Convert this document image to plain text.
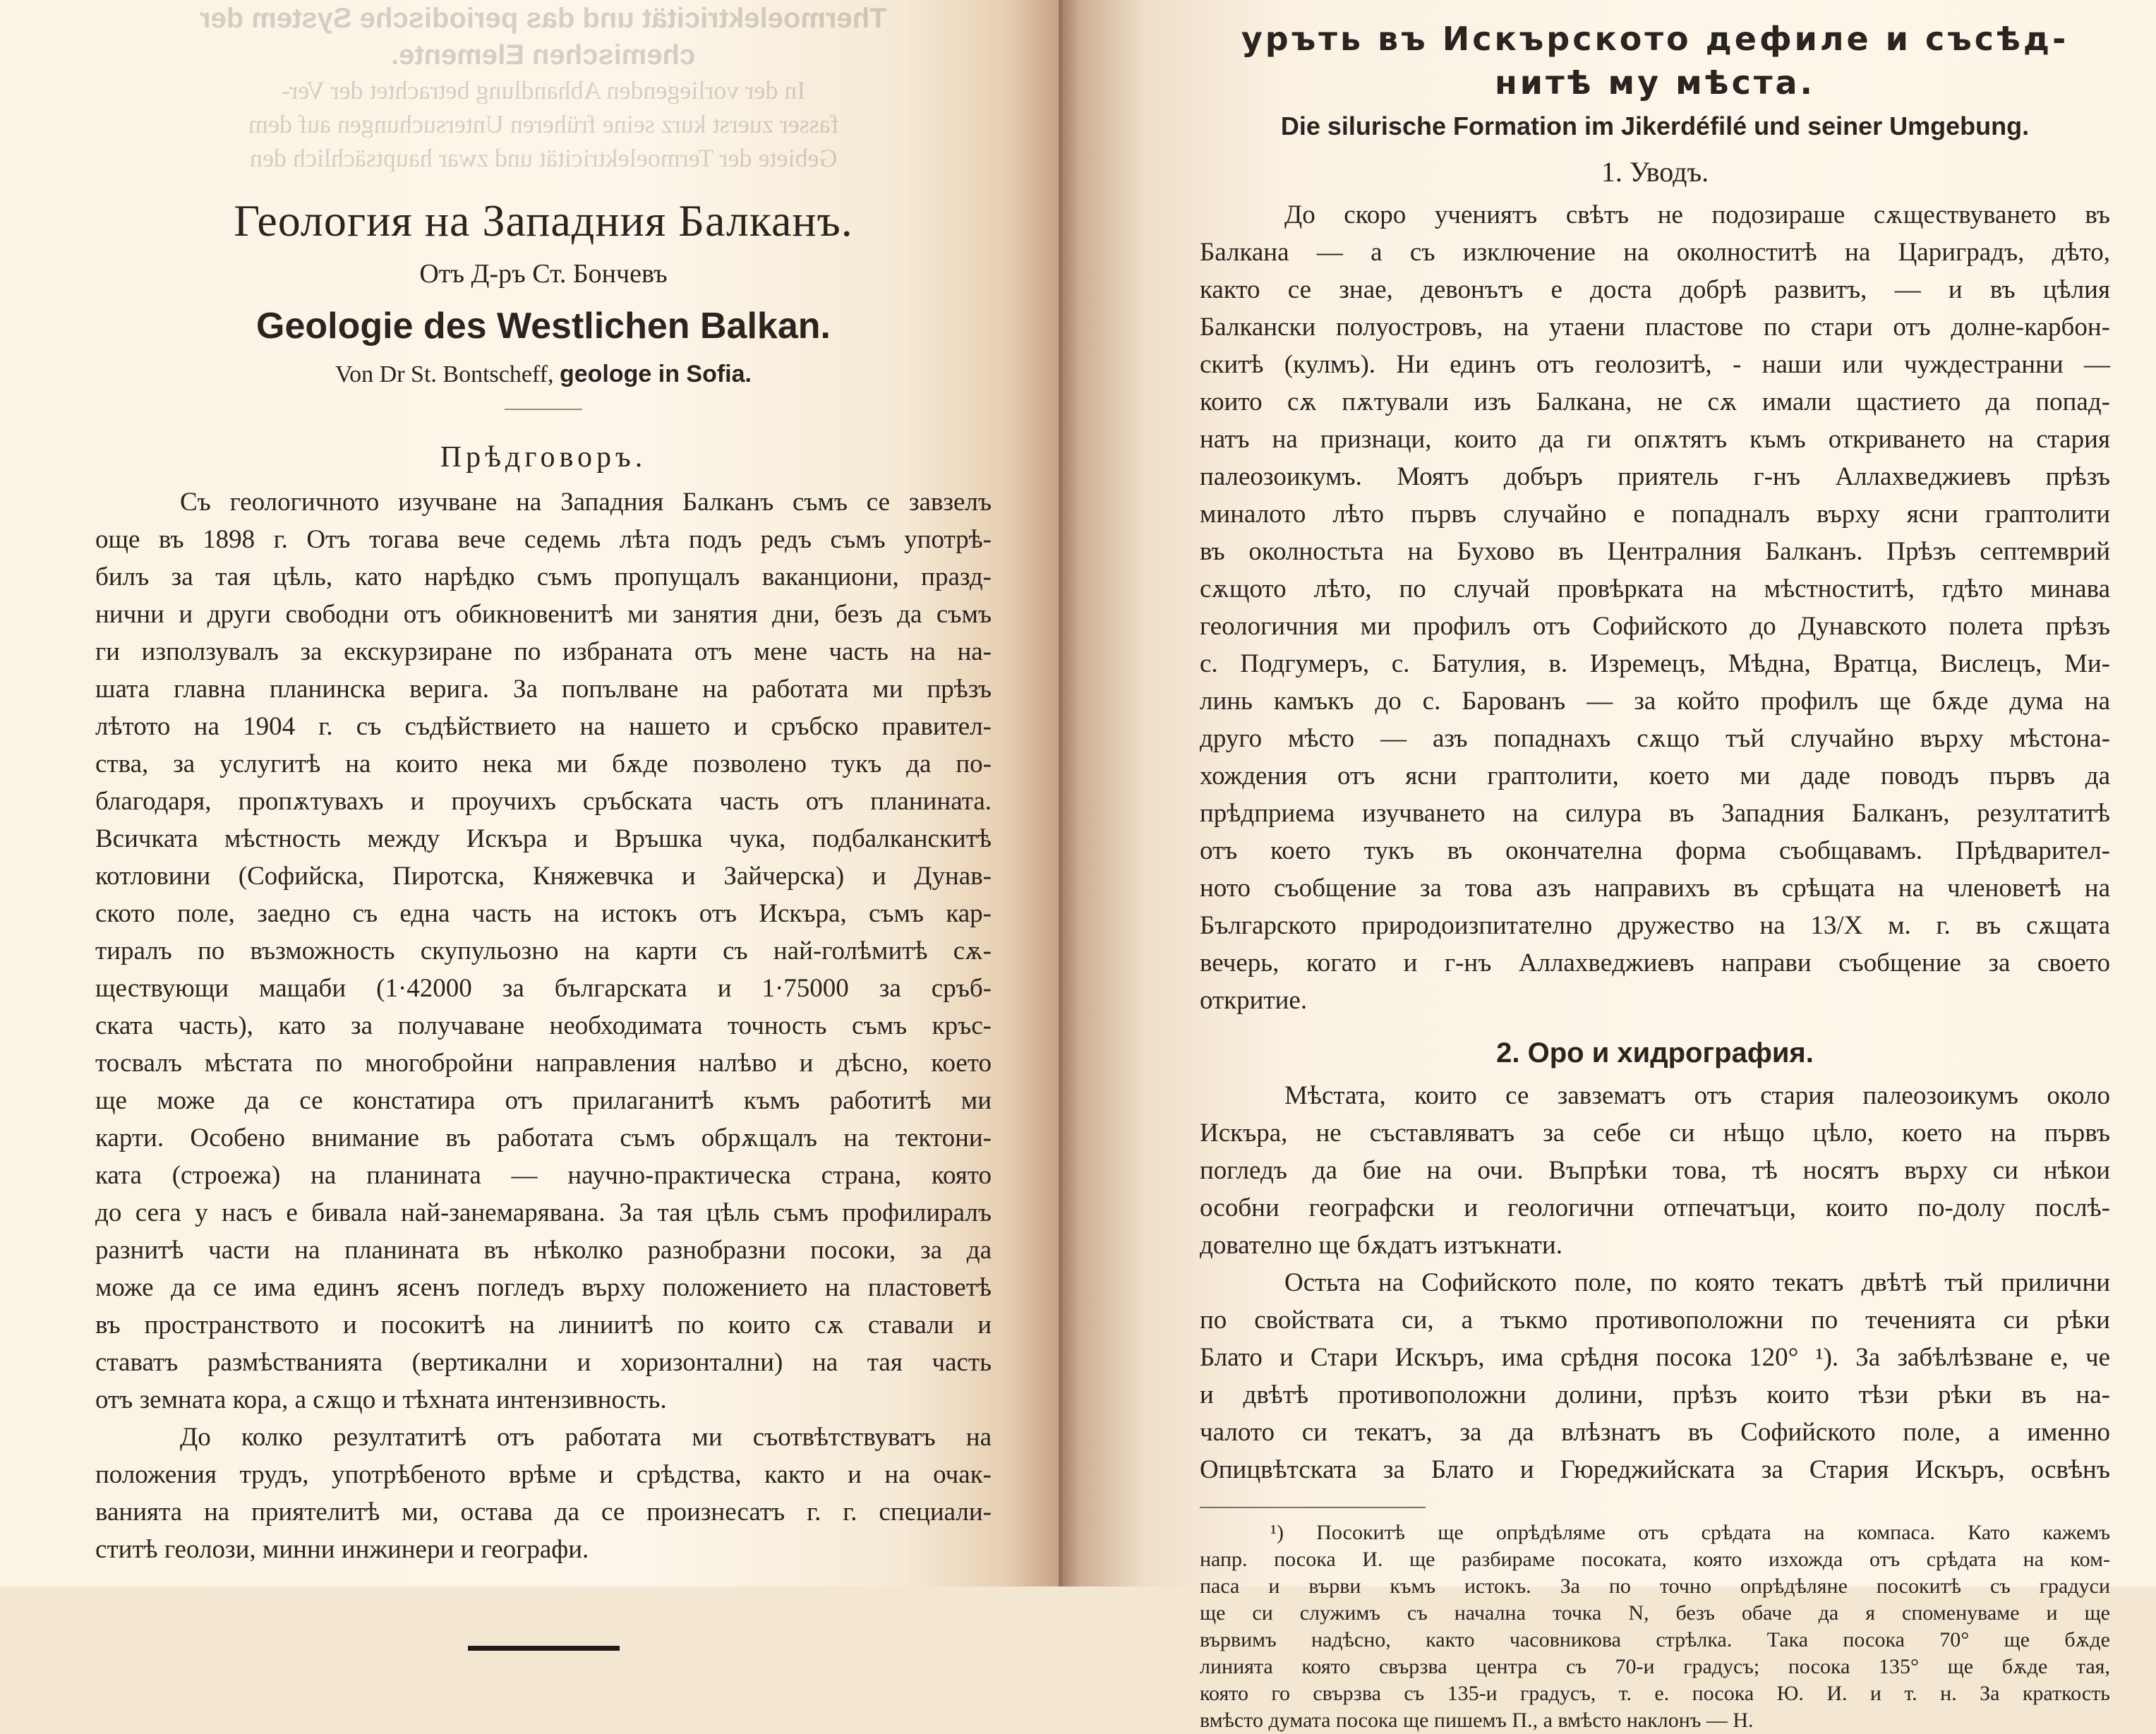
Thermoelektricität und das periodische System der
chemischen Elemente.
In der vorliegenden Abhandlung betrachtet der Ver-
fasser zuerst kurz seine früheren Untersuchungen auf dem
Gebiete der Termoelektricität und zwar hauptsächlich den
Геология на Западния Балканъ.
Отъ Д-ръ Ст. Бончевъ
Geologie des Westlichen Balkan.
Von Dr St. Bontscheff, geologe in Sofia.
Прѣдговоръ.
Съ геологичното изучване на Западния Балканъ съмъ се завзелъ
още въ 1898 г. Отъ тогава вече седемь лѣта подъ редъ съмъ употрѣ-
билъ за тая цѣль, като нарѣдко съмъ пропущалъ ваканциони, празд-
нични и други свободни отъ обикновенитѣ ми занятия дни, безъ да съмъ
ги използувалъ за екскурзиране по избраната отъ мене часть на на-
шата главна планинска верига. За попълване на работата ми прѣзъ
лѣтото на 1904 г. съ съдѣйствието на нашето и сръбско правител-
ства, за услугитѣ на които нека ми бѫде позволено тукъ да по-
благодаря, пропѫтувахъ и проучихъ сръбската часть отъ планината.
Всичката мѣстность между Искъра и Връшка чука, подбалканскитѣ
котловини (Софийска, Пиротска, Княжевчка и Зайчерска) и Дунав-
ското поле, заедно съ една часть на истокъ отъ Искъра, съмъ кар-
тиралъ по възможность скупульозно на карти съ най-голѣмитѣ сѫ-
ществующи мащаби (1·42000 за българската и 1·75000 за сръб-
ската часть), като за получаване необходимата точность съмъ кръс-
тосвалъ мѣстата по многобройни направления налѣво и дѣсно, което
ще може да се констатира отъ прилаганитѣ къмъ работитѣ ми
карти. Особено внимание въ работата съмъ обрѫщалъ на тектони-
ката (строежа) на планината — научно-практическа страна, която
до сега у насъ е бивала най-занемарявана. За тая цѣль съмъ профилиралъ
разнитѣ части на планината въ нѣколко разнобразни посоки, за да
може да се има единъ ясенъ погледъ върху положението на пластоветѣ
въ пространството и посокитѣ на линиитѣ по които сѫ ставали и
ставатъ размѣстванията (вертикални и хоризонтални) на тая часть
отъ земната кора, а сѫщо и тѣхната интензивность.
До колко резултатитѣ отъ работата ми съотвѣтствуватъ на
положения трудъ, употрѣбеното врѣме и срѣдства, както и на очак-
ванията на приятелитѣ ми, остава да се произнесатъ г. г. специали-
ститѣ геолози, минни инжинери и географи.
уръть въ Искърското дефиле и съсѣд-
нитѣ му мѣста.
Die silurische Formation im Jikerdéfilé und seiner Umgebung.
1. Уводъ.
До скоро учениятъ свѣтъ не подозираше сѫществуването въ
Балкана — а съ изключение на околноститѣ на Цариградъ, дѣто,
както се знае, девонътъ е доста добрѣ развитъ, — и въ цѣлия
Балкански полуостровъ, на утаени пластове по стари отъ долне-карбон-
скитѣ (кулмъ). Ни единъ отъ геолозитѣ, - наши или чуждестранни —
които сѫ пѫтували изъ Балкана, не сѫ имали щастието да попад-
натъ на признаци, които да ги опѫтятъ къмъ откриването на стария
палеозоикумъ. Моятъ добъръ приятель г-нъ Аллахвeджиевъ прѣзъ
миналото лѣто първъ случайно е попадналъ върху ясни граптолити
въ околностьта на Бухово въ Централния Балканъ. Прѣзъ септемврий
сѫщото лѣто, по случай провѣрката на мѣстноститѣ, гдѣто минава
геологичния ми профилъ отъ Софийското до Дунавското полета прѣзъ
с. Подгумеръ, с. Батулия, в. Изремецъ, Мѣдна, Вратца, Вислецъ, Ми-
линь камъкъ до с. Барованъ — за който профилъ ще бѫде дума на
друго мѣсто — азъ попаднахъ сѫщо тъй случайно върху мѣстона-
хождения отъ ясни граптолити, което ми даде поводъ първъ да
прѣдприема изучването на силура въ Западния Балканъ, резултатитѣ
отъ което тукъ въ окончателна форма съобщавамъ. Прѣдварител-
ното съобщение за това азъ направихъ въ срѣщата на членоветѣ на
Българското природоизпитателно дружество на 13/X м. г. въ сѫщата
вечерь, когато и г-нъ Аллахвeджиевъ направи съобщение за своето
откритие.
2. Оро и хидрография.
Мѣстата, които се завзематъ отъ стария палеозоикумъ около
Искъра, не съставляватъ за себе си нѣщо цѣло, което на първъ
погледъ да бие на очи. Въпрѣки това, тѣ носятъ върху си нѣкои
особни географски и геологични отпечатъци, които по-долу послѣ-
дователно ще бѫдатъ изтъкнати.
Остьта на Софийското поле, по която текатъ двѣтѣ тъй прилични
по свойствата си, а тъкмо противоположни по теченията си рѣки
Блато и Стари Искъръ, има срѣдня посока 120° ¹). За забѣлѣзване е, че
и двѣтѣ противоположни долини, прѣзъ които тѣзи рѣки въ на-
чалото си текатъ, за да влѣзнатъ въ Софийското поле, а именно
Опицвѣтската за Блато и Гюреджийската за Стария Искъръ, освѣнъ
¹) Посокитѣ ще опрѣдѣляме отъ срѣдата на компаса. Като кажемъ
напр. посока И. ще разбираме посоката, която изхожда отъ срѣдата на ком-
паса и върви къмъ истокъ. За по точно опрѣдѣляне посокитѣ съ градуси
ще си служимъ съ начална точка N, безъ обаче да я споменуваме и ще
вървимъ надѣсно, както часовникова стрѣлка. Така посока 70° ще бѫде
линията която свързва центра съ 70-и градусъ; посока 135° ще бѫде тая,
която го свързва съ 135-и градусъ, т. е. посока Ю. И. и т. н. За краткость
вмѣсто думата посока ще пишемъ П., а вмѣсто наклонъ — Н.
